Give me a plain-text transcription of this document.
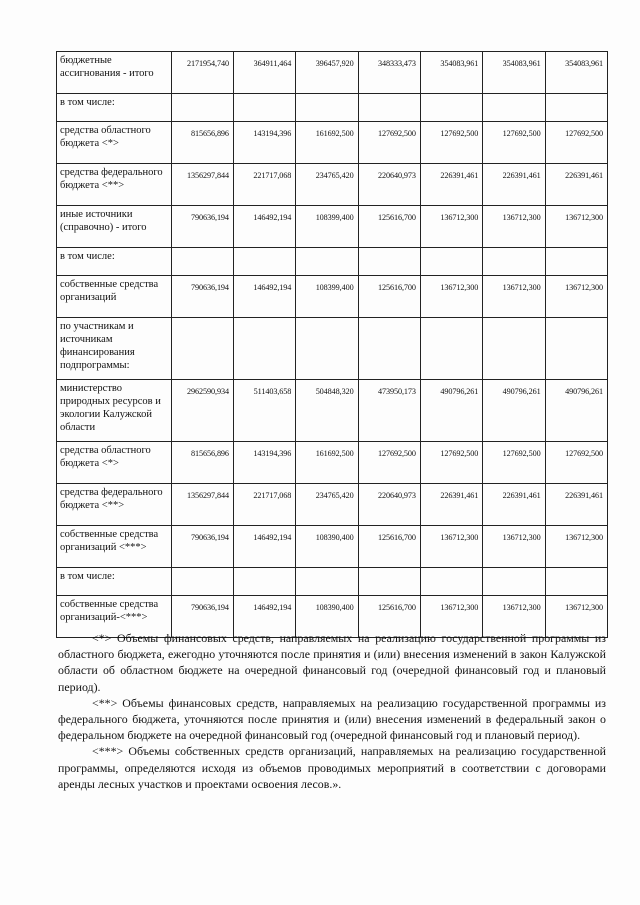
бюджетные ассигнования - итого	2171954,740	364911,464	396457,920	348333,473	354083,961	354083,961	354083,961
в том числе:							
средства областного бюджета <*>	815656,896	143194,396	161692,500	127692,500	127692,500	127692,500	127692,500
средства федерального бюджета <**>	1356297,844	221717,068	234765,420	220640,973	226391,461	226391,461	226391,461
иные источники (справочно) - итого	790636,194	146492,194	108399,400	125616,700	136712,300	136712,300	136712,300
в том числе:							
собственные средства организаций	790636,194	146492,194	108399,400	125616,700	136712,300	136712,300	136712,300
по участникам и источникам финансирования подпрограммы:							
министерство природных ресурсов и экологии Калужской области	2962590,934	511403,658	504848,320	473950,173	490796,261	490796,261	490796,261
средства областного бюджета <*>	815656,896	143194,396	161692,500	127692,500	127692,500	127692,500	127692,500
средства федерального бюджета <**>	1356297,844	221717,068	234765,420	220640,973	226391,461	226391,461	226391,461
собственные средства организаций <***>	790636,194	146492,194	108390,400	125616,700	136712,300	136712,300	136712,300
в том числе:							
собственные средства организаций-<***>	790636,194	146492,194	108390,400	125616,700	136712,300	136712,300	136712,300

<*> Объемы финансовых средств, направляемых на реализацию государственной программы из областного бюджета, ежегодно уточняются после принятия и (или) внесения изменений в закон Калужской области об областном бюджете на очередной финансовый год (очередной финансовый год и плановый период).

<**> Объемы финансовых средств, направляемых на реализацию государственной программы из федерального бюджета, уточняются после принятия и (или) внесения изменений в федеральный закон о федеральном бюджете на очередной финансовый год (очередной финансовый год и плановый период).

<***> Объемы собственных средств организаций, направляемых на реализацию государственной программы, определяются исходя из объемов проводимых мероприятий в соответствии с договорами аренды лесных участков и проектами освоения лесов.».
